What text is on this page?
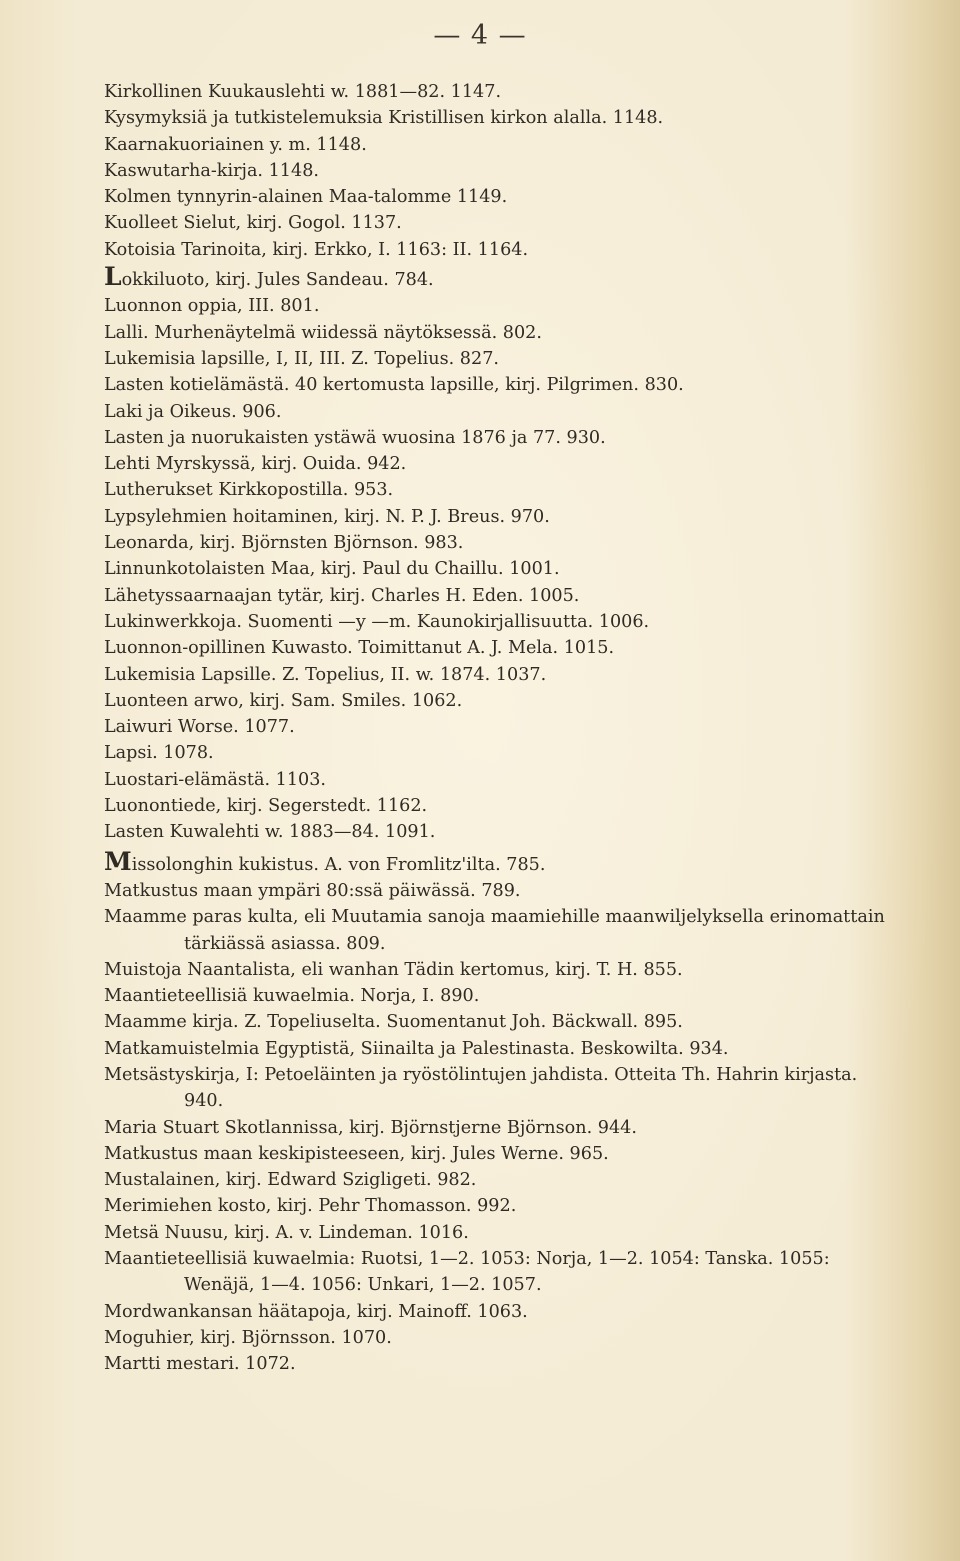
— 4 —
Kirkollinen Kuukauslehti w. 1881—82. 1147.
Kysymyksiä ja tutkistelemuksia Kristillisen kirkon alalla. 1148.
Kaarnakuoriainen y. m. 1148.
Kaswutarha-kirja. 1148.
Kolmen tynnyrin-alainen Maa-talomme 1149.
Kuolleet Sielut, kirj. Gogol. 1137.
Kotoisia Tarinoita, kirj. Erkko, I. 1163: II. 1164.
Lokkiluoto, kirj. Jules Sandeau. 784.
Luonnon oppia, III. 801.
Lalli. Murhenäytelmä wiidessä näytöksessä. 802.
Lukemisia lapsille, I, II, III. Z. Topelius. 827.
Lasten kotielämästä. 40 kertomusta lapsille, kirj. Pilgrimen. 830.
Laki ja Oikeus. 906.
Lasten ja nuorukaisten ystäwä wuosina 1876 ja 77. 930.
Lehti Myrskyssä, kirj. Ouida. 942.
Lutherukset Kirkkopostilla. 953.
Lypsylehmien hoitaminen, kirj. N. P. J. Breus. 970.
Leonarda, kirj. Björnsten Björnson. 983.
Linnunkotolaisten Maa, kirj. Paul du Chaillu. 1001.
Lähetyssaarnaajan tytär, kirj. Charles H. Eden. 1005.
Lukinwerkkoja. Suomenti —y —m. Kaunokirjallisuutta. 1006.
Luonnon-opillinen Kuwasto. Toimittanut A. J. Mela. 1015.
Lukemisia Lapsille. Z. Topelius, II. w. 1874. 1037.
Luonteen arwo, kirj. Sam. Smiles. 1062.
Laiwuri Worse. 1077.
Lapsi. 1078.
Luostari-elämästä. 1103.
Luonontiede, kirj. Segerstedt. 1162.
Lasten Kuwalehti w. 1883—84. 1091.
Missolonghin kukistus. A. von Fromlitz'ilta. 785.
Matkustus maan ympäri 80:ssä päiwässä. 789.
Maamme paras kulta, eli Muutamia sanoja maamiehille maanwiljelyksella erinomattain tärkiässä asiassa. 809.
Muistoja Naantalista, eli wanhan Tädin kertomus, kirj. T. H. 855.
Maantieteellisiä kuwaelmia. Norja, I. 890.
Maamme kirja. Z. Topeliuselta. Suomentanut Joh. Bäckwall. 895.
Matkamuistelmia Egyptistä, Siinailta ja Palestinasta. Beskowilta. 934.
Metsästyskirja, I: Petoeläinten ja ryöstölintujen jahdista. Otteita Th. Hahrin kirjasta. 940.
Maria Stuart Skotlannissa, kirj. Björnstjerne Björnson. 944.
Matkustus maan keskipisteeseen, kirj. Jules Werne. 965.
Mustalainen, kirj. Edward Szigligeti. 982.
Merimiehen kosto, kirj. Pehr Thomasson. 992.
Metsä Nuusu, kirj. A. v. Lindeman. 1016.
Maantieteellisiä kuwaelmia: Ruotsi, 1—2. 1053: Norja, 1—2. 1054: Tanska. 1055: Wenäjä, 1—4. 1056: Unkari, 1—2. 1057.
Mordwankansan häätapoja, kirj. Mainoff. 1063.
Moguhier, kirj. Björnsson. 1070.
Martti mestari. 1072.
